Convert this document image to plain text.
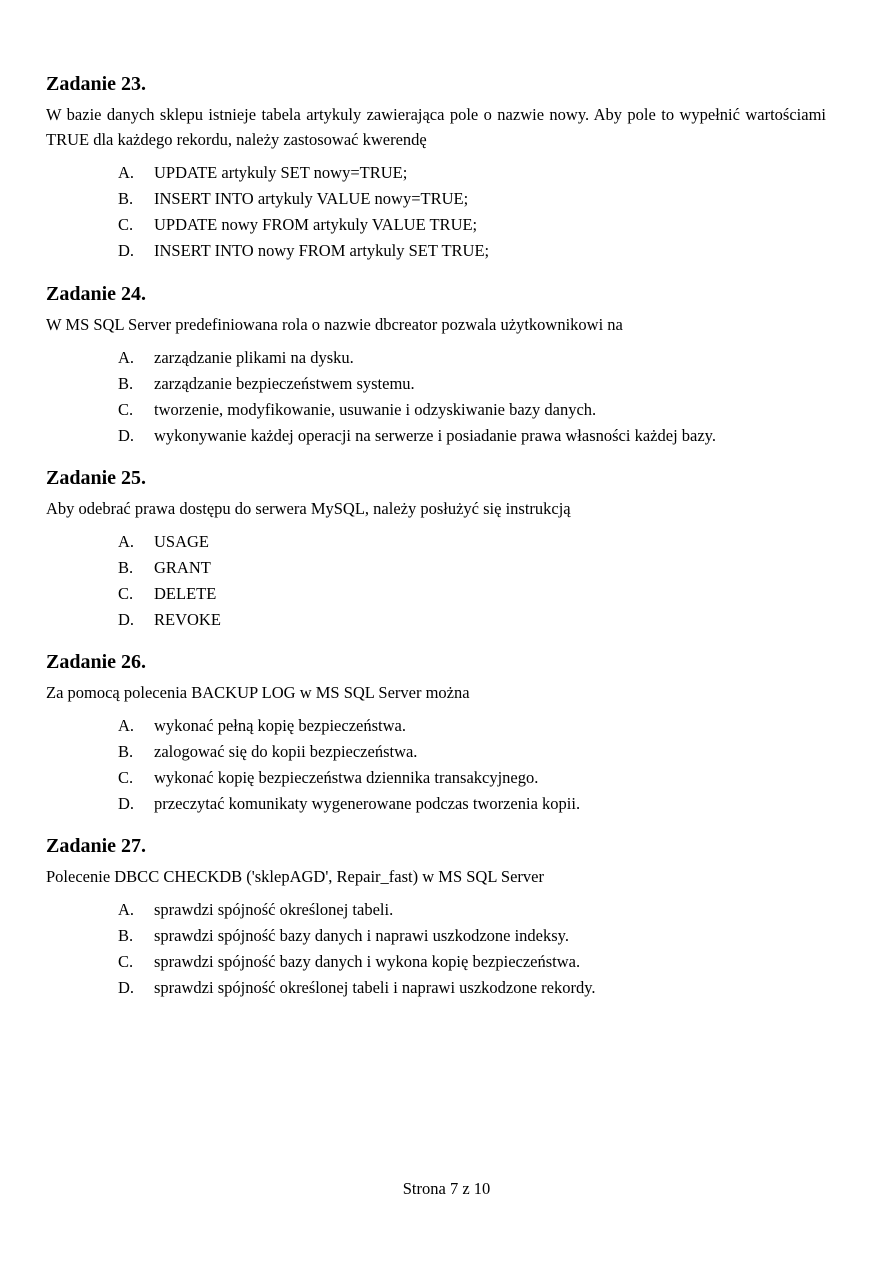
Zadanie 23.

W bazie danych sklepu istnieje tabela artykuly zawierająca pole o nazwie nowy. Aby pole to wypełnić wartościami TRUE dla każdego rekordu, należy zastosować kwerendę

A.	UPDATE artykuly SET nowy=TRUE;
B.	INSERT INTO artykuly VALUE nowy=TRUE;
C.	UPDATE nowy FROM artykuly VALUE TRUE;
D.	INSERT INTO nowy FROM artykuly SET TRUE;
Zadanie 24.

W MS SQL Server predefiniowana rola o nazwie dbcreator pozwala użytkownikowi na

A.	zarządzanie plikami na dysku.
B.	zarządzanie bezpieczeństwem systemu.
C.	tworzenie, modyfikowanie, usuwanie i odzyskiwanie bazy danych.
D.	wykonywanie każdej operacji na serwerze i posiadanie prawa własności każdej bazy.
Zadanie 25.

Aby odebrać prawa dostępu do serwera MySQL, należy posłużyć się instrukcją

A.	USAGE
B.	GRANT
C.	DELETE
D.	REVOKE
Zadanie 26.

Za pomocą polecenia BACKUP LOG w MS SQL Server można

A.	wykonać pełną kopię bezpieczeństwa.
B.	zalogować się do kopii bezpieczeństwa.
C.	wykonać kopię bezpieczeństwa dziennika transakcyjnego.
D.	przeczytać komunikaty wygenerowane podczas tworzenia kopii.
Zadanie 27.

Polecenie DBCC CHECKDB ('sklepAGD', Repair_fast) w MS SQL Server

A.	sprawdzi spójność określonej tabeli.
B.	sprawdzi spójność bazy danych i naprawi uszkodzone indeksy.
C.	sprawdzi spójność bazy danych i wykona kopię bezpieczeństwa.
D.	sprawdzi spójność określonej tabeli i naprawi uszkodzone rekordy.
Strona 7 z 10
